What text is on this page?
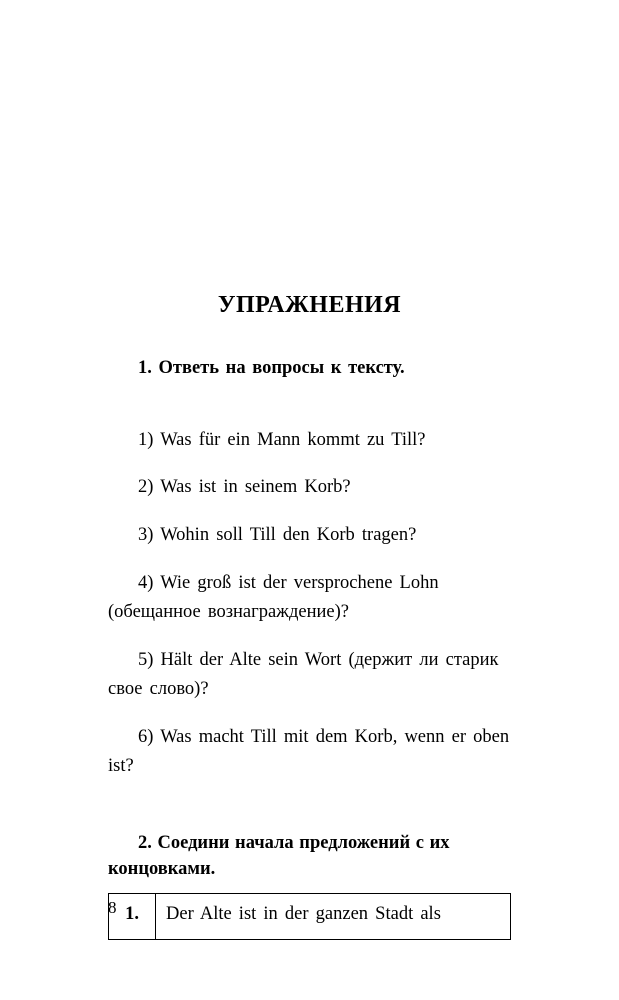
УПРАЖНЕНИЯ

1. Ответь на вопросы к тексту.

1) Was für ein Mann kommt zu Till?

2) Was ist in seinem Korb?

3) Wohin soll Till den Korb tragen?

4) Wie groß ist der versprochene Lohn (обещанное вознаграждение)?

5) Hält der Alte sein Wort (держит ли старик свое слово)?

6) Was macht Till mit dem Korb, wenn er oben ist?

2. Соедини начала предложений с их концовками.

1.	Der Alte ist in der ganzen Stadt als
8
